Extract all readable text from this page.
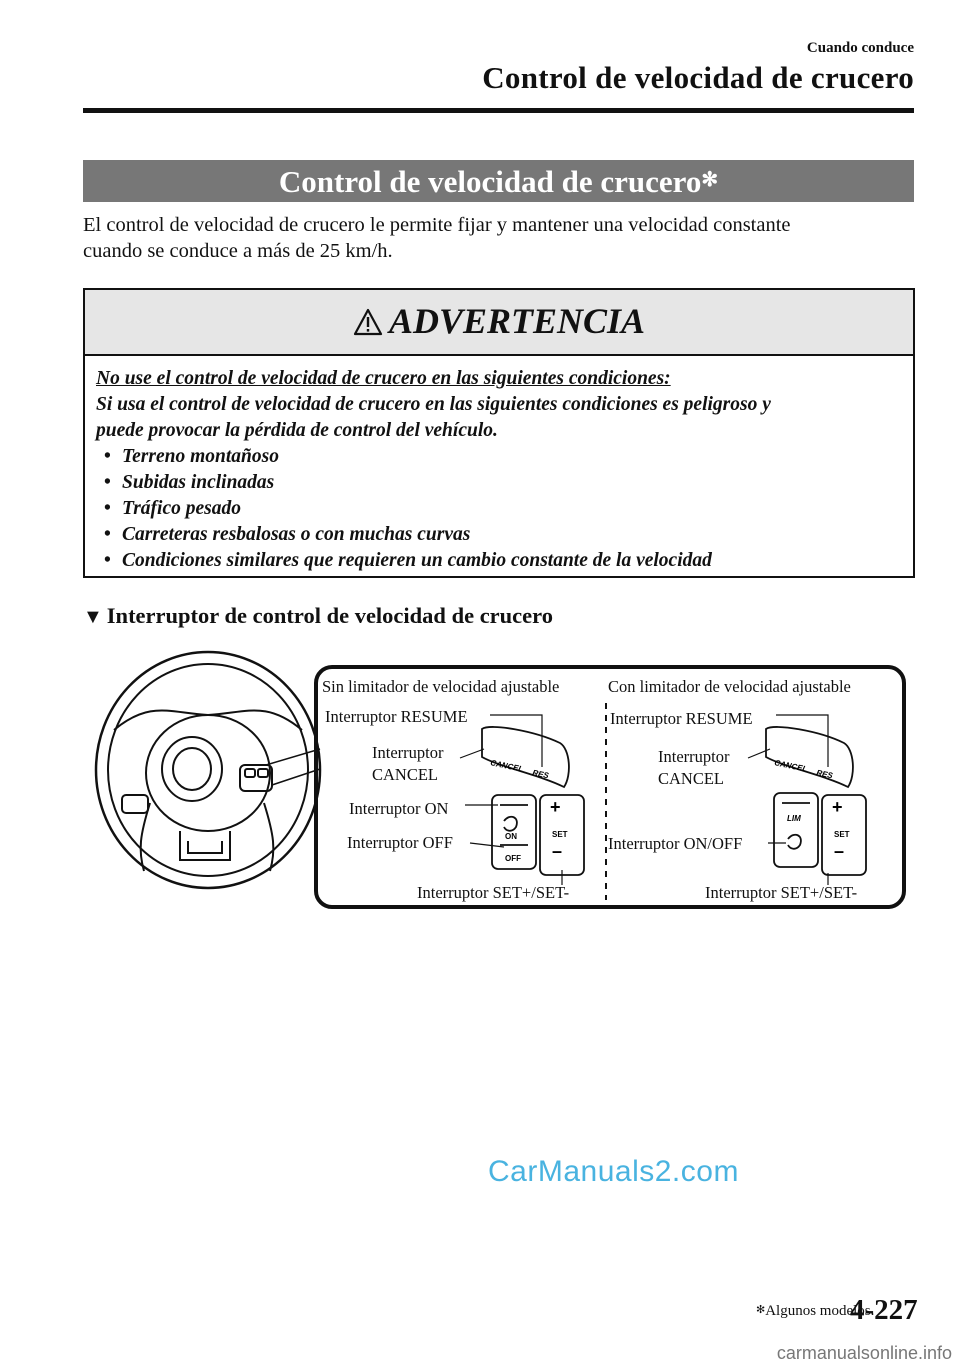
Cuando conduce
Control de velocidad de crucero
Control de velocidad de crucero✻
El control de velocidad de crucero le permite fijar y mantener una velocidad constante
cuando se conduce a más de 25 km/h.
ADVERTENCIA
No use el control de velocidad de crucero en las siguientes condiciones:
Si usa el control de velocidad de crucero en las siguientes condiciones es peligroso y
puede provocar la pérdida de control del vehículo.
• Terreno montañoso
• Subidas inclinadas
• Tráfico pesado
• Carreteras resbalosas o con muchas curvas
• Condiciones similares que requieren un cambio constante de la velocidad
▼ Interruptor de control de velocidad de crucero
CANCEL
RES
ON
OFF
+
SET
–
CANCEL
RES
LIM
+
SET
–
Sin limitador de velocidad ajustable
Interruptor RESUME
Interruptor
CANCEL
Interruptor ON
Interruptor OFF
Interruptor SET+/SET-
Con limitador de velocidad ajustable
Interruptor RESUME
Interruptor
CANCEL
Interruptor ON/OFF
Interruptor SET+/SET-
CarManuals2.com
✻Algunos modelos.
4-227
carmanualsonline.info
